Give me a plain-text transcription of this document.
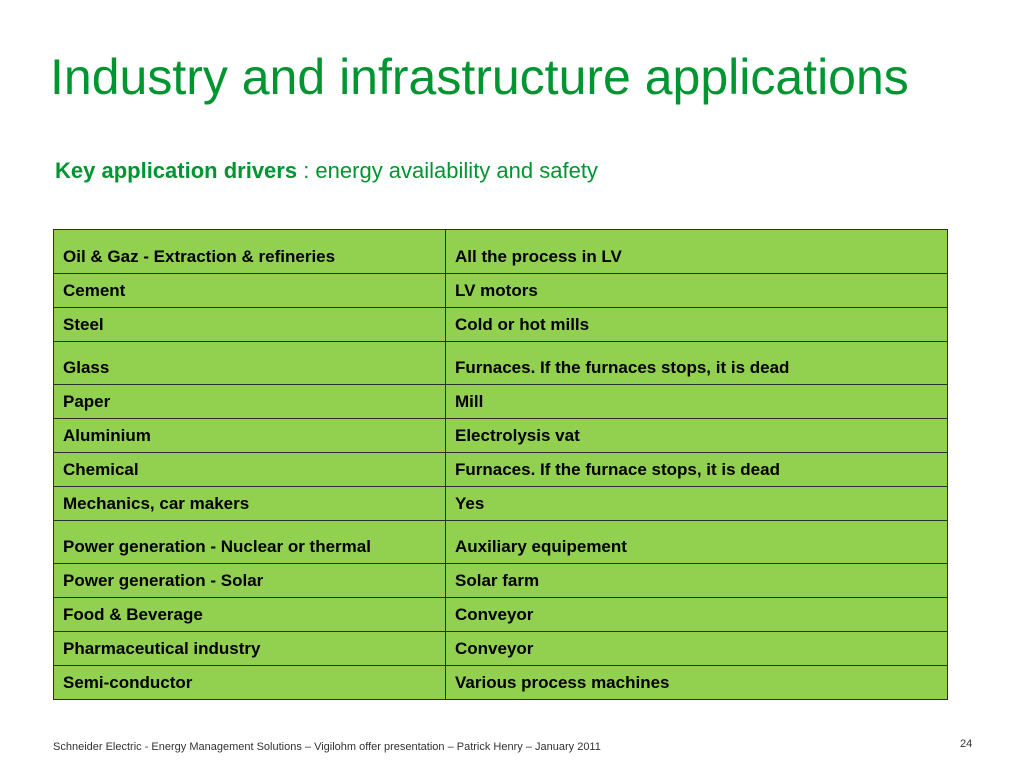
Industry and infrastructure applications

Key application drivers : energy availability and safety

Oil & Gaz - Extraction & refineries	All the process in LV
Cement	LV motors
Steel	Cold or hot mills
Glass	Furnaces. If the furnaces stops, it is dead
Paper	Mill
Aluminium	Electrolysis vat
Chemical	Furnaces. If the furnace stops, it is dead
Mechanics, car makers	Yes
Power generation - Nuclear or thermal	Auxiliary equipement
Power generation - Solar	Solar farm
Food & Beverage	Conveyor
Pharmaceutical industry	Conveyor
Semi-conductor	Various process machines

Schneider Electric - Energy Management Solutions – Vigilohm offer presentation – Patrick Henry – January 2011	24
